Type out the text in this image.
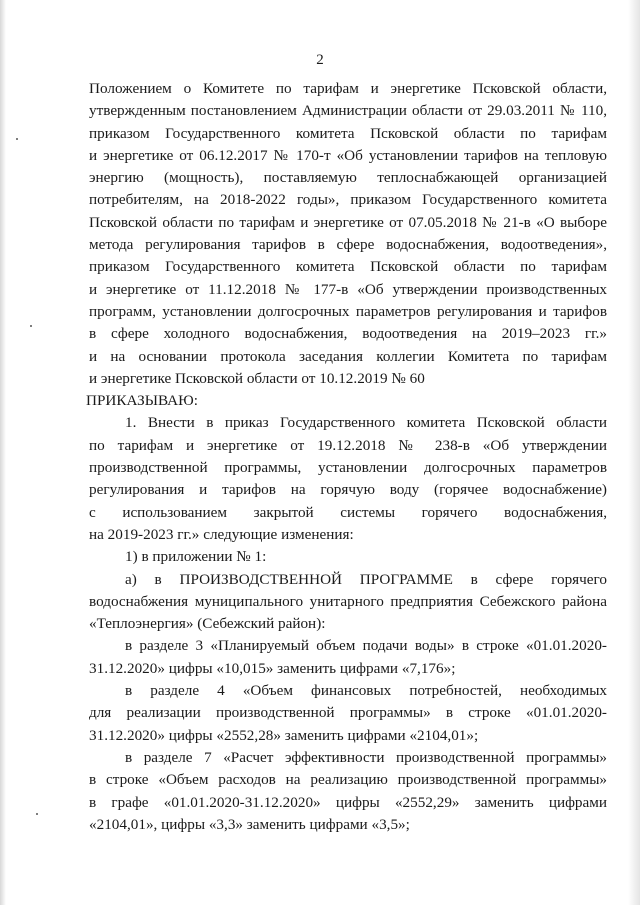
2
Положением о Комитете по тарифам и энергетике Псковской области,
утвержденным постановлением Администрации области от 29.03.2011 № 110,
приказом Государственного комитета Псковской области по тарифам
и энергетике от 06.12.2017 № 170-т «Об установлении тарифов на тепловую
энергию (мощность), поставляемую теплоснабжающей организацией
потребителям, на 2018-2022 годы», приказом Государственного комитета
Псковской области по тарифам и энергетике от 07.05.2018 № 21-в «О выборе
метода регулирования тарифов в сфере водоснабжения, водоотведения»,
приказом Государственного комитета Псковской области по тарифам
и энергетике от 11.12.2018 № 177-в «Об утверждении производственных
программ, установлении долгосрочных параметров регулирования и тарифов
в сфере холодного водоснабжения, водоотведения на 2019–2023 гг.»
и на основании протокола заседания коллегии Комитета по тарифам
и энергетике Псковской области от 10.12.2019 № 60
ПРИКАЗЫВАЮ:
1. Внести в приказ Государственного комитета Псковской области
по тарифам и энергетике от 19.12.2018 № 238-в «Об утверждении
производственной программы, установлении долгосрочных параметров
регулирования и тарифов на горячую воду (горячее водоснабжение)
с использованием закрытой системы горячего водоснабжения,
на 2019-2023 гг.» следующие изменения:
1) в приложении № 1:
а) в ПРОИЗВОДСТВЕННОЙ ПРОГРАММЕ в сфере горячего
водоснабжения муниципального унитарного предприятия Себежского района
«Теплоэнергия» (Себежский район):
в разделе 3 «Планируемый объем подачи воды» в строке «01.01.2020-
31.12.2020» цифры «10,015» заменить цифрами «7,176»;
в разделе 4 «Объем финансовых потребностей, необходимых
для реализации производственной программы» в строке «01.01.2020-
31.12.2020» цифры «2552,28» заменить цифрами «2104,01»;
в разделе 7 «Расчет эффективности производственной программы»
в строке «Объем расходов на реализацию производственной программы»
в графе «01.01.2020-31.12.2020» цифры «2552,29» заменить цифрами
«2104,01», цифры «3,3» заменить цифрами «3,5»;
